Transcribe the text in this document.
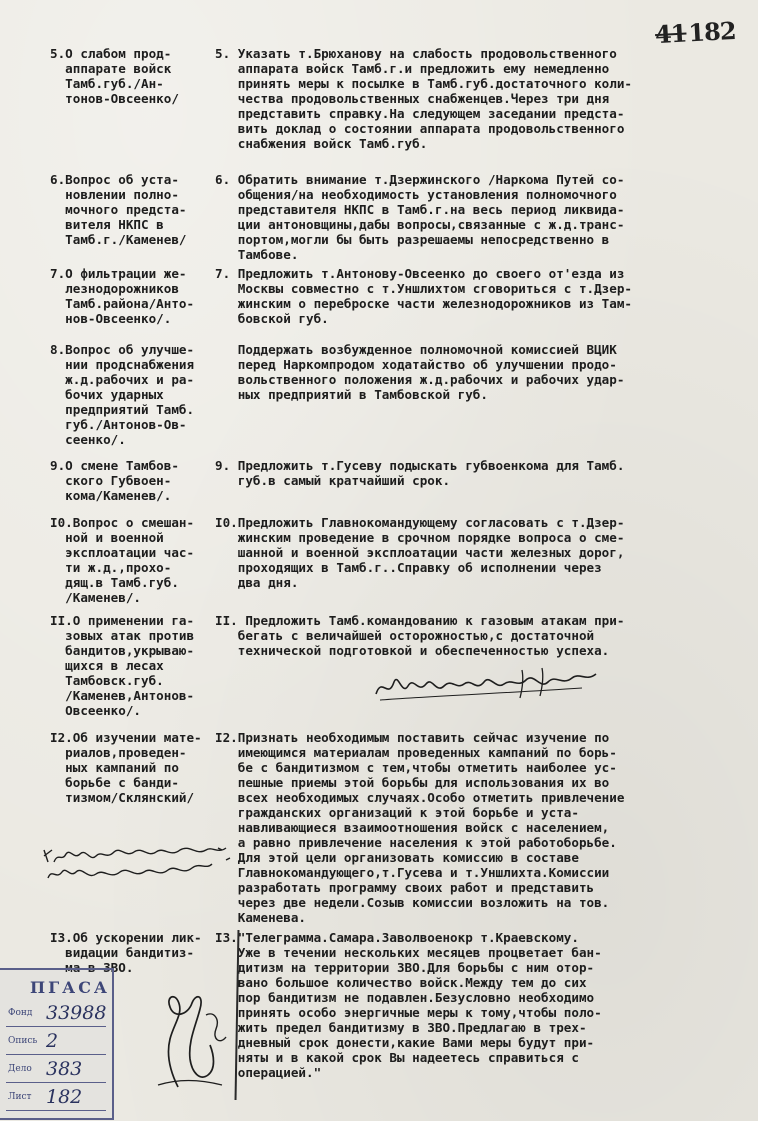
41182
5.О слабом прод-
аппарате войск
Тамб.губ./Ан-
тонов-Овсеенко/
5. Указать т.Брюханову на слабость продовольственного
аппарата войск Тамб.г.и предложить ему немедленно
принять меры к посылке в Тамб.губ.достаточного коли-
чества продовольственных снабженцев.Через три дня
представить справку.На следующем заседании предста-
вить доклад о состоянии аппарата продовольственного
снабжения войск Тамб.губ.
6.Вопрос об уста-
новлении полно-
мочного предста-
вителя НКПС в
Тамб.г./Каменев/
6. Обратить внимание т.Дзержинского /Наркома Путей со-
общения/на необходимость установления полномочного
представителя НКПС в Тамб.г.на весь период ликвида-
ции антоновщины,дабы вопросы,связанные с ж.д.транс-
портом,могли бы быть разрешаемы непосредственно в
Тамбове.
7.О фильтрации же-
лезнодорожников
Тамб.района/Анто-
нов-Овсеенко/.
7. Предложить т.Антонову-Овсеенко до своего от'езда из
Москвы совместно с т.Уншлихтом сговориться с т.Дзер-
жинским о переброске части железнодорожников из Там-
бовской губ.
8.Вопрос об улучше-
нии продснабжения
ж.д.рабочих и ра-
бочих ударных
предприятий Тамб.
губ./Антонов-Ов-
сеенко/.
Поддержать возбужденное полномочной комиссией ВЦИК
перед Наркомпродом ходатайство об улучшении продо-
вольственного положения ж.д.рабочих и рабочих удар-
ных предприятий в Тамбовской губ.
9.О смене Тамбов-
ского Губвоен-
кома/Каменев/.
9. Предложить т.Гусеву подыскать губвоенкома для Тамб.
губ.в самый кратчайший срок.
I0.Вопрос о смешан-
ной и военной
эксплоатации час-
ти ж.д.,прохо-
дящ.в Тамб.губ.
/Каменев/.
I0.Предложить Главнокомандующему согласовать с т.Дзер-
жинским проведение в срочном порядке вопроса о сме-
шанной и военной эксплоатации части железных дорог,
проходящих в Тамб.г..Справку об исполнении через
два дня.
II.О применении га-
зовых атак против
бандитов,укрываю-
щихся в лесах
Тамбовск.губ.
/Каменев,Антонов-
Овсеенко/.
II. Предложить Тамб.командованию к газовым атакам при-
бегать с величайшей осторожностью,с достаточной
технической подготовкой и обеспеченностью успеха.
I2.Об изучении мате-
риалов,проведен-
ных кампаний по
борьбе с банди-
тизмом/Склянский/
I2.Признать необходимым поставить сейчас изучение по
имеющимся материалам проведенных кампаний по борь-
бе с бандитизмом с тем,чтобы отметить наиболее ус-
пешные приемы этой борьбы для использования их во
всех необходимых случаях.Особо отметить привлечение
гражданских организаций к этой борьбе и уста-
навливающиеся взаимоотношения войск с населением,
а равно привлечение населения к этой работоборьбе.
Для этой цели организовать комиссию в составе
Главнокомандующего,т.Гусева и т.Уншлихта.Комиссии
разработать программу своих работ и представить
через две недели.Созыв комиссии возложить на тов.
Каменева.
I3.Об ускорении лик-
видации бандитиз-
ма в ЗВО.
I3."Телеграмма.Самара.Заволвоенокр т.Краевскому.
Уже в течении нескольких месяцев процветает бан-
дитизм на территории ЗВО.Для борьбы с ним отор-
вано большое количество войск.Между тем до сих
пор бандитизм не подавлен.Безусловно необходимо
принять особо энергичные меры к тому,чтобы поло-
жить предел бандитизму в ЗВО.Предлагаю в трех-
дневный срок донести,какие Вами меры будут при-
няты и в какой срок Вы надеетесь справиться с
операцией."
ПГАСА
Фонд 33988
Опись 2
Дело 383
Лист 182
